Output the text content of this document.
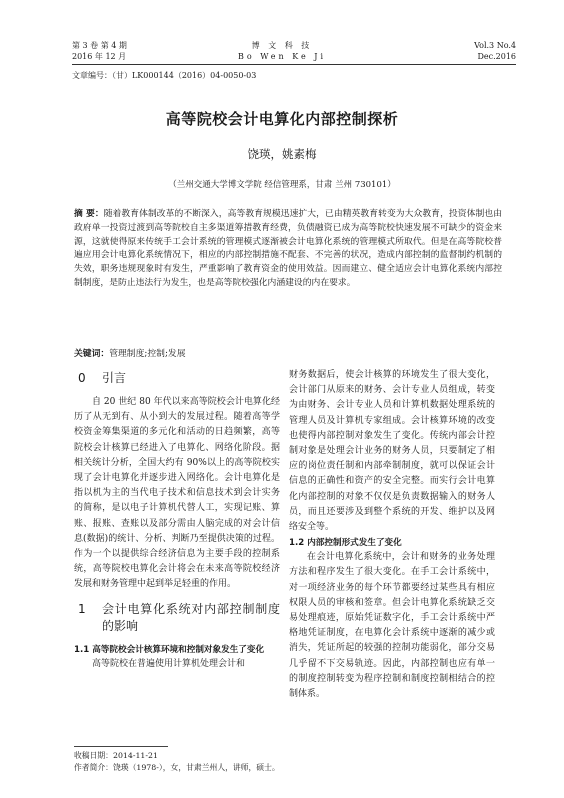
第 3 卷 第 4 期
2016 年 12 月
博 文 科 技
Bo Wen Ke Ji
Vol.3 No.4
Dec.2016
文章编号：（甘）LK000144（2016）04-0050-03
高等院校会计电算化内部控制探析
饶瑛，姚素梅
（兰州交通大学博文学院 经信管理系，甘肃 兰州 730101）
摘 要：随着教育体制改革的不断深入，高等教育规模迅速扩大，已由精英教育转变为大众教育，投资体制也由政府单一投资过渡到高等院校自主多渠道筹措教育经费，负债融资已成为高等院校快速发展不可缺少的资金来源，这就使得原来传统手工会计系统的管理模式逐渐被会计电算化系统的管理模式所取代。但是在高等院校普遍应用会计电算化系统情况下，相应的内部控制措施不配套、不完善的状况，造成内部控制的监督制约机制的失效，职务违规现象时有发生，严重影响了教育资金的使用效益。因而建立、健全适应会计电算化系统内部控制制度，是防止违法行为发生，也是高等院校强化内涵建设的内在要求。
关键词：管理制度;控制;发展
0	引言

自 20 世纪 80 年代以来高等院校会计电算化经历了从无到有、从小到大的发展过程。随着高等学校资金筹集渠道的多元化和活动的日趋频繁，高等院校会计核算已经进入了电算化、网络化阶段。据相关统计分析，全国大约有 90%以上的高等院校实现了会计电算化并逐步进入网络化。会计电算化是指以机为主的当代电子技术和信息技术到会计实务的简称，是以电子计算机代替人工，实现记账、算账、报账、查账以及部分需由人脑完成的对会计信息(数据)的统计、分析、判断乃至提供决策的过程。作为一个以提供综合经济信息为主要手段的控制系统，高等院校电算化会计将会在未来高等院校经济发展和财务管理中起到举足轻重的作用。

1	会计电算化系统对内部控制制度的影响
1.1 高等院校会计核算环境和控制对象发生了变化

高等院校在普遍使用计算机处理会计和

财务数据后，使会计核算的环境发生了很大变化，会计部门从原来的财务、会计专业人员组成，转变为由财务、会计专业人员和计算机数据处理系统的管理人员及计算机专家组成。会计核算环境的改变也使得内部控制对象发生了变化。传统内部会计控制对象是处理会计业务的财务人员，只要制定了相应的岗位责任制和内部牵制制度，就可以保证会计信息的正确性和资产的安全完整。而实行会计电算化内部控制的对象不仅仅是负责数据输入的财务人员，而且还要涉及到整个系统的开发、维护以及网络安全等。

1.2 内部控制形式发生了变化

在会计电算化系统中，会计和财务的业务处理方法和程序发生了很大变化。在手工会计系统中，对一项经济业务的每个环节都要经过某些具有相应权限人员的审核和签章。但会计电算化系统缺乏交易处理痕迹，原始凭证数字化，手工会计系统中严格地凭证制度，在电算化会计系统中逐渐的减少或消失，凭证所起的较强的控制功能弱化，部分交易几乎留不下交易轨迹。因此，内部控制也应有单一的制度控制转变为程序控制和制度控制相结合的控制体系。

收稿日期：2014-11-21
作者简介：饶瑛（1978-），女，甘肃兰州人，讲师，硕士。
